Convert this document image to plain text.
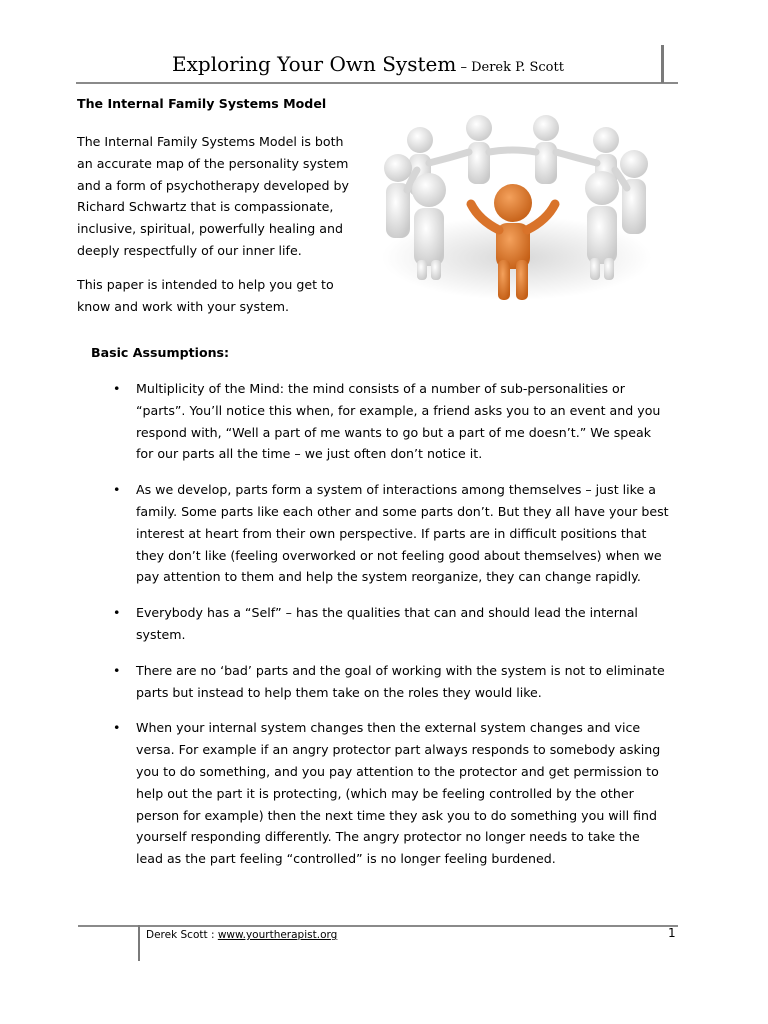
Exploring Your Own System – Derek P. Scott
The Internal Family Systems Model

The Internal Family Systems Model is both an accurate map of the personality system and a form of psychotherapy developed by Richard Schwartz that is compassionate, inclusive, spiritual, powerfully healing and deeply respectfully of our inner life.

This paper is intended to help you get to know and work with your system.

Basic Assumptions:
• Multiplicity of the Mind: the mind consists of a number of sub-personalities or “parts”. You’ll notice this when, for example, a friend asks you to an event and you respond with, “Well a part of me wants to go but a part of me doesn’t.” We speak for our parts all the time – we just often don’t notice it.
• As we develop, parts form a system of interactions among themselves – just like a family. Some parts like each other and some parts don’t. But they all have your best interest at heart from their own perspective. If parts are in difficult positions that they don’t like (feeling overworked or not feeling good about themselves) when we pay attention to them and help the system reorganize, they can change rapidly.
• Everybody has a “Self” – has the qualities that can and should lead the internal system.
• There are no ‘bad’ parts and the goal of working with the system is not to eliminate parts but instead to help them take on the roles they would like.
• When your internal system changes then the external system changes and vice versa. For example if an angry protector part always responds to somebody asking you to do something, and you pay attention to the protector and get permission to help out the part it is protecting, (which may be feeling controlled by the other person for example) then the next time they ask you to do something you will find yourself responding differently. The angry protector no longer needs to take the lead as the part feeling “controlled” is no longer feeling burdened.
Derek Scott : www.yourtherapist.org	1
